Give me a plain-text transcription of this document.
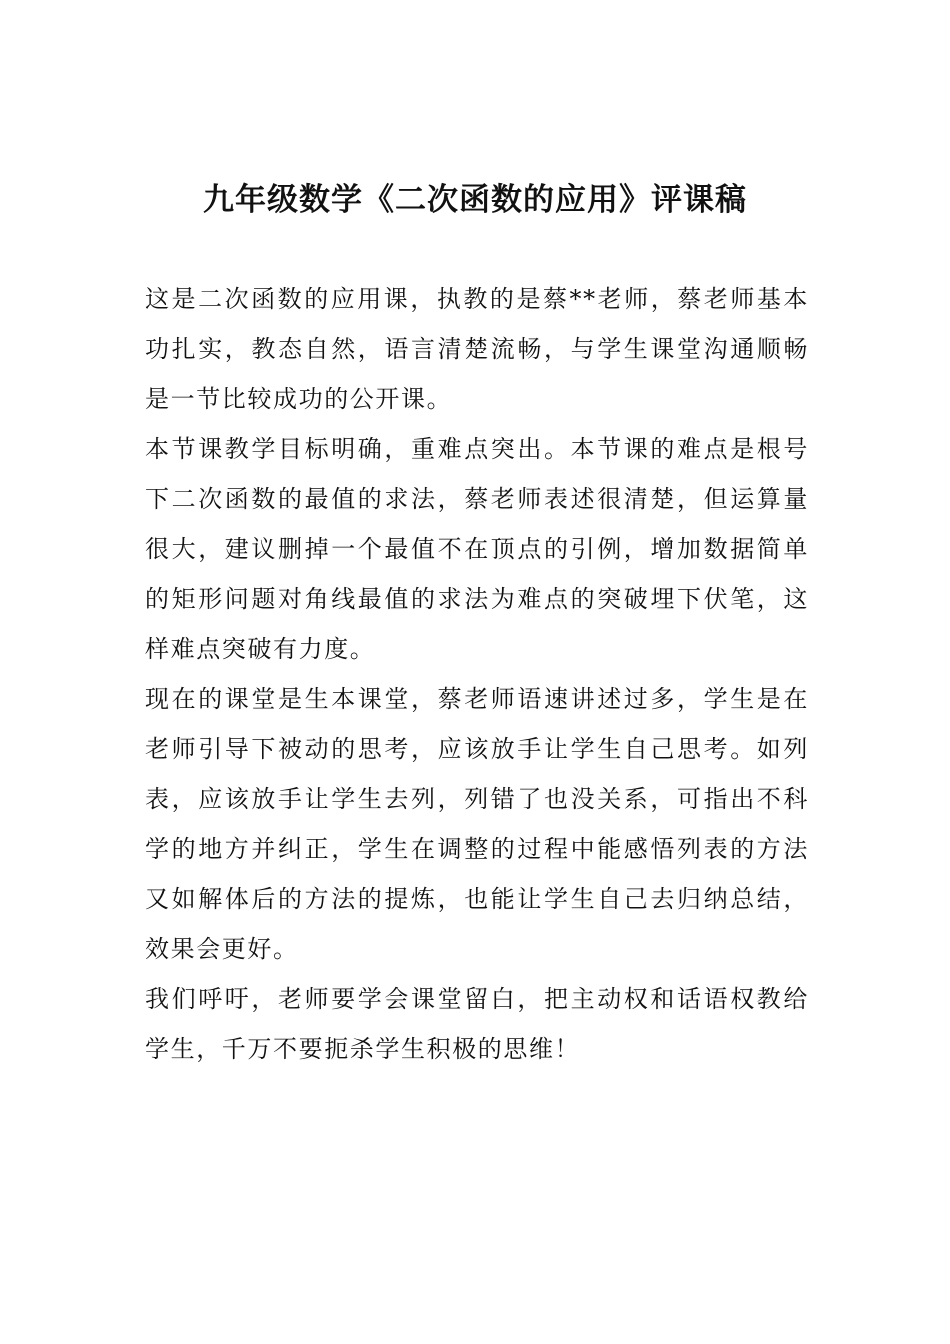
九年级数学《二次函数的应用》评课稿

这是二次函数的应用课，执教的是蔡**老师，蔡老师基本功扎实，教态自然，语言清楚流畅，与学生课堂沟通顺畅是一节比较成功的公开课。

本节课教学目标明确，重难点突出。本节课的难点是根号下二次函数的最值的求法，蔡老师表述很清楚，但运算量很大，建议删掉一个最值不在顶点的引例，增加数据简单的矩形问题对角线最值的求法为难点的突破埋下伏笔，这样难点突破有力度。

现在的课堂是生本课堂，蔡老师语速讲述过多，学生是在老师引导下被动的思考，应该放手让学生自己思考。如列表，应该放手让学生去列，列错了也没关系，可指出不科学的地方并纠正，学生在调整的过程中能感悟列表的方法又如解体后的方法的提炼，也能让学生自己去归纳总结，效果会更好。

我们呼吁，老师要学会课堂留白，把主动权和话语权教给学生，千万不要扼杀学生积极的思维！
